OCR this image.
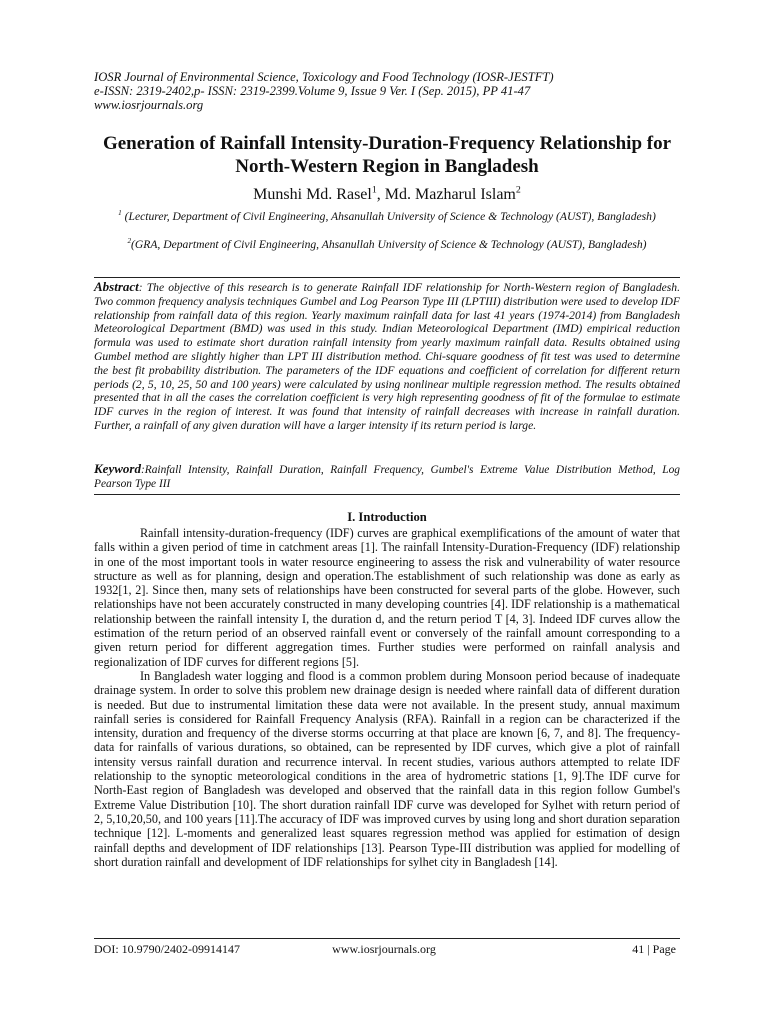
IOSR Journal of Environmental Science, Toxicology and Food Technology (IOSR-JESTFT)
e-ISSN: 2319-2402,p- ISSN: 2319-2399.Volume 9, Issue 9 Ver. I (Sep. 2015), PP 41-47
www.iosrjournals.org
Generation of Rainfall Intensity-Duration-Frequency Relationship for North-Western Region in Bangladesh
Munshi Md. Rasel$^1$, Md. Mazharul Islam$^2$
$^1$ (Lecturer, Department of Civil Engineering, Ahsanullah University of Science & Technology (AUST), Bangladesh)
$^2$(GRA, Department of Civil Engineering, Ahsanullah University of Science & Technology (AUST), Bangladesh)
Abstract: The objective of this research is to generate Rainfall IDF relationship for North-Western region of Bangladesh. Two common frequency analysis techniques Gumbel and Log Pearson Type III (LPTIII) distribution were used to develop IDF relationship from rainfall data of this region. Yearly maximum rainfall data for last 41 years (1974-2014) from Bangladesh Meteorological Department (BMD) was used in this study. Indian Meteorological Department (IMD) empirical reduction formula was used to estimate short duration rainfall intensity from yearly maximum rainfall data. Results obtained using Gumbel method are slightly higher than LPT III distribution method. Chi-square goodness of fit test was used to determine the best fit probability distribution. The parameters of the IDF equations and coefficient of correlation for different return periods (2, 5, 10, 25, 50 and 100 years) were calculated by using nonlinear multiple regression method. The results obtained presented that in all the cases the correlation coefficient is very high representing goodness of fit of the formulae to estimate IDF curves in the region of interest. It was found that intensity of rainfall decreases with increase in rainfall duration. Further, a rainfall of any given duration will have a larger intensity if its return period is large.
Keyword:Rainfall Intensity, Rainfall Duration, Rainfall Frequency, Gumbel's Extreme Value Distribution Method, Log Pearson Type III
I. Introduction

Rainfall intensity-duration-frequency (IDF) curves are graphical exemplifications of the amount of water that falls within a given period of time in catchment areas [1]. The rainfall Intensity-Duration-Frequency (IDF) relationship in one of the most important tools in water resource engineering to assess the risk and vulnerability of water resource structure as well as for planning, design and operation.The establishment of such relationship was done as early as 1932[1, 2]. Since then, many sets of relationships have been constructed for several parts of the globe. However, such relationships have not been accurately constructed in many developing countries [4]. IDF relationship is a mathematical relationship between the rainfall intensity I, the duration d, and the return period T [4, 3]. Indeed IDF curves allow the estimation of the return period of an observed rainfall event or conversely of the rainfall amount corresponding to a given return period for different aggregation times. Further studies were performed on rainfall analysis and regionalization of IDF curves for different regions [5].

In Bangladesh water logging and flood is a common problem during Monsoon period because of inadequate drainage system. In order to solve this problem new drainage design is needed where rainfall data of different duration is needed. But due to instrumental limitation these data were not available. In the present study, annual maximum rainfall series is considered for Rainfall Frequency Analysis (RFA). Rainfall in a region can be characterized if the intensity, duration and frequency of the diverse storms occurring at that place are known [6, 7, and 8]. The frequency-data for rainfalls of various durations, so obtained, can be represented by IDF curves, which give a plot of rainfall intensity versus rainfall duration and recurrence interval. In recent studies, various authors attempted to relate IDF relationship to the synoptic meteorological conditions in the area of hydrometric stations [1, 9].The IDF curve for North-East region of Bangladesh was developed and observed that the rainfall data in this region follow Gumbel's Extreme Value Distribution [10]. The short duration rainfall IDF curve was developed for Sylhet with return period of 2, 5,10,20,50, and 100 years [11].The accuracy of IDF was improved curves by using long and short duration separation technique [12]. L-moments and generalized least squares regression method was applied for estimation of design rainfall depths and development of IDF relationships [13]. Pearson Type-III distribution was applied for modelling of short duration rainfall and development of IDF relationships for sylhet city in Bangladesh [14].

DOI: 10.9790/2402-09914147	www.iosrjournals.org	41 | Page
